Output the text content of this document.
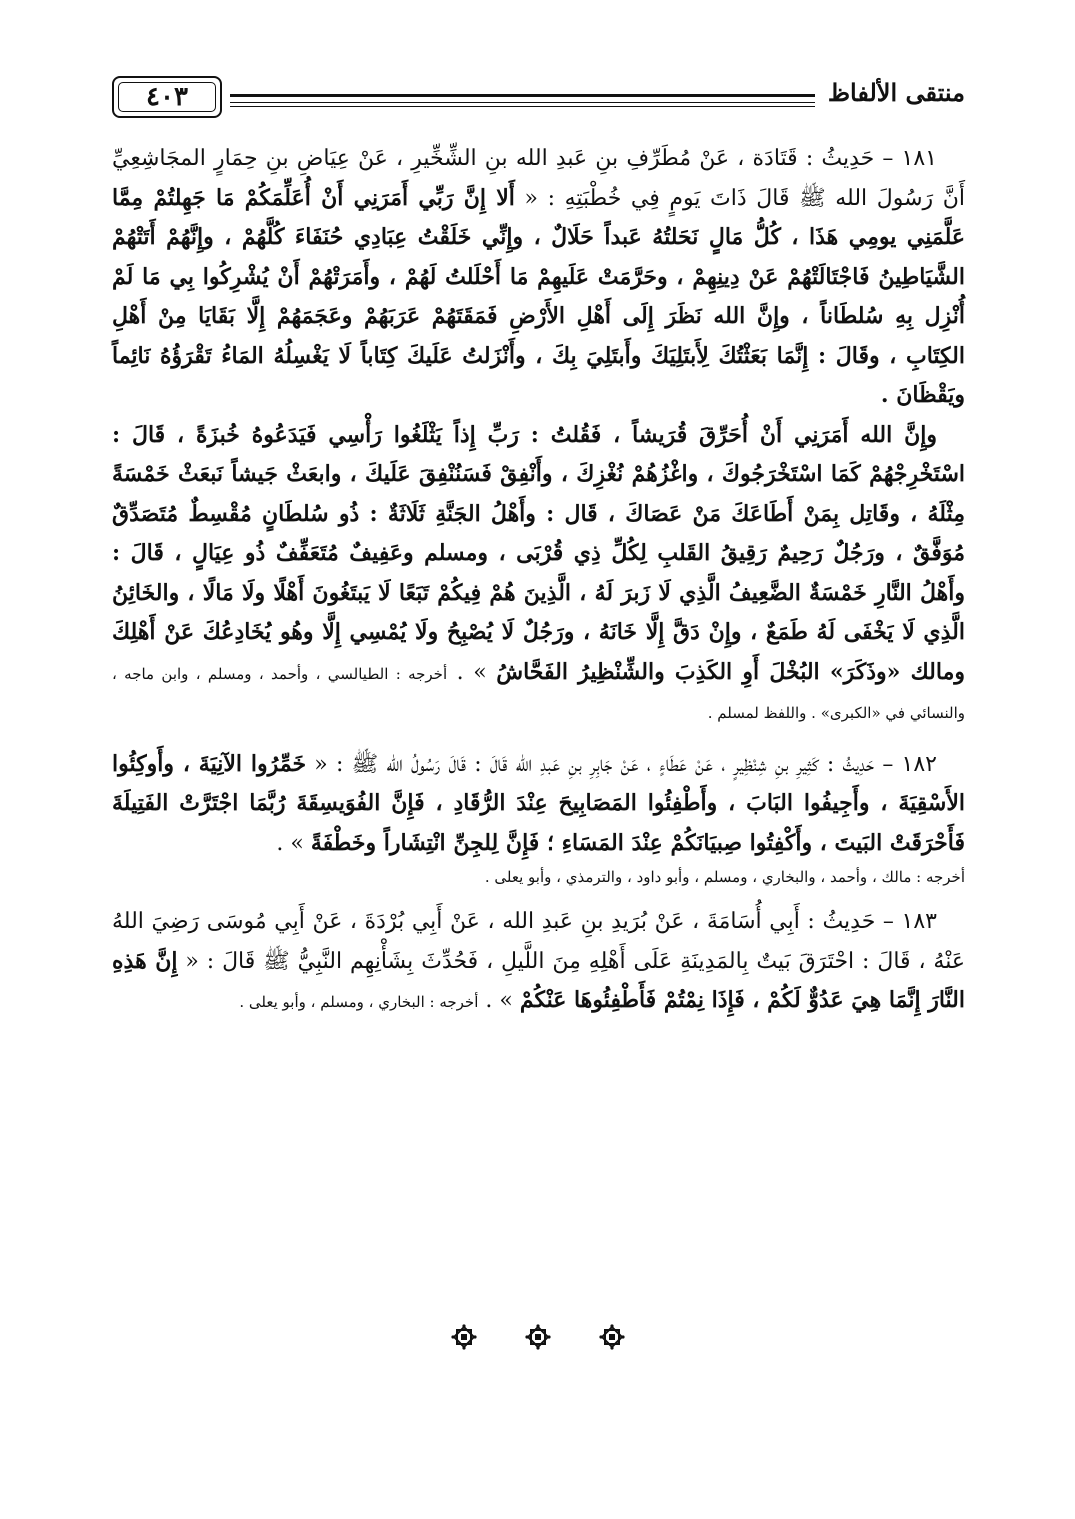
٤٠٣	منتقى الألفاظ

١٨١ – حَدِيثُ : قَتَادَة ، عَنْ مُطَرِّفِ بنِ عَبدِ الله بنِ الشِّخِّيرِ ، عَنْ عِيَاضِ بنِ حِمَارٍ المجَاشِعِيِّ أَنَّ رَسُولَ الله ﷺ قَالَ ذَاتَ يَومٍ فِي خُطْبَتِهِ : « أَلا إِنَّ رَبِّي أَمَرَنِي أَنْ أُعَلِّمَكُمْ مَا جَهِلتُمْ مِمَّا عَلَّمَنِي يومِي هَذَا ، كُلُّ مَالٍ نَحَلتُهُ عَبداً حَلَالٌ ، وإِنِّي خَلَقْتُ عِبَادِي حُنَفَاءَ كُلَّهُمْ ، وإِنَّهُمْ أَتَتْهُمْ الشَّيَاطِينُ فَاجْتَالَتْهُمْ عَنْ دِينِهِمْ ، وحَرَّمَتْ عَلَيهِمْ مَا أَحْلَلتُ لَهُمْ ، وأَمَرَتْهُمْ أَنْ يُشْرِكُوا بِي مَا لَمْ أُنْزِل بِهِ سُلطَاناً ، وإِنَّ الله نَظَرَ إِلَى أَهْلِ الأَرْضِ فَمَقَتَهُمْ عَرَبَهُمْ وعَجَمَهُمْ إِلَّا بَقَايَا مِنْ أَهْلِ الكِتَابِ ، وقَالَ : إِنَّمَا بَعَثْتُكَ لِأَبتَلِيَكَ وأَبتَلِيَ بِكَ ، وأَنْزَلتُ عَلَيكَ كِتَاباً لَا يَغْسِلُهُ المَاءُ تَقْرَؤُهُ نَائِماً ويَقْظَانَ .

وإِنَّ الله أَمَرَنِي أَنْ أُحَرِّقَ قُرَيشاً ، فَقُلتُ : رَبِّ إِذاً يَثْلَغُوا رَأْسِي فَيَدَعُوهُ خُبزَةً ، قَالَ : اسْتَخْرِجْهُمْ كَمَا اسْتَخْرَجُوكَ ، واغْزُهُمْ نُغْزِكَ ، وأَنْفِقْ فَسَنُنْفِقَ عَلَيكَ ، وابعَثْ جَيشاً نَبعَثْ خَمْسَةً مِثْلَهُ ، وقَاتِل بِمَنْ أَطَاعَكَ مَنْ عَصَاكَ ، قَال : وأَهْلُ الجَنَّةِ ثَلَاثَةٌ : ذُو سُلطَانٍ مُقْسِطٌ مُتَصَدِّقٌ مُوَفَّقٌ ، ورَجُلٌ رَحِيمٌ رَقِيقُ القَلبِ لِكُلِّ ذِي قُرْبَى ، ومسلم وعَفِيفٌ مُتَعَفِّفٌ ذُو عِيَالٍ ، قَالَ : وأَهْلُ النَّارِ خَمْسَةٌ الضَّعِيفُ الَّذِي لَا زَبرَ لَهُ ، الَّذِينَ هُمْ فِيكُمْ تَبَعًا لَا يَبتَغُونَ أَهْلًا ولَا مَالًا ، والخَائِنُ الَّذِي لَا يَخْفَى لَهُ طَمَعٌ ، وإِنْ دَقَّ إِلَّا خَانَهُ ، ورَجُلٌ لَا يُصْبِحُ ولَا يُمْسِي إِلَّا وهُو يُخَادِعُكَ عَنْ أَهْلِكَ ومالك «وذَكَرَ» البُخْلَ أَوِ الكَذِبَ والشِّنْظِيرُ الفَحَّاشُ » . أخرجه : الطيالسي ، وأحمد ، ومسلم ، وابن ماجه ، والنسائي في «الكبرى» . واللفظ لمسلم .

١٨٢ – حَدِيثُ : كَثِيرِ بنِ شِنْظِيرٍ ، عَنْ عَطَاءٍ ، عَنْ جَابِرِ بنِ عَبدِ الله قَالَ : قَالَ رَسُولُ الله ﷺ : « خَمِّرُوا الآنِيَةَ ، وأَوكِئُوا الأَسْقِيَةَ ، وأَجِيفُوا البَابَ ، وأَطْفِئُوا المَصَابِيحَ عِنْدَ الرُّقَادِ ، فَإِنَّ الفُوَيسِقَةَ رُبَّمَا اجْتَرَّتْ الفَتِيلَةَ فَأَحْرَقَتْ البَيتَ ، وأَكْفِتُوا صِبيَانَكُمْ عِنْدَ المَسَاءِ ؛ فَإِنَّ لِلجِنِّ انْتِشَاراً وخَطْفَةً » .

أخرجه : مالك ، وأحمد ، والبخاري ، ومسلم ، وأبو داود ، والترمذي ، وأبو يعلى .

١٨٣ – حَدِيثُ : أَبِي أُسَامَةَ ، عَنْ بُرَيدِ بنِ عَبدِ الله ، عَنْ أَبِي بُرْدَةَ ، عَنْ أَبِي مُوسَى رَضِيَ اللهُ عَنْهُ ، قَالَ : احْتَرَقَ بَيتٌ بِالمَدِينَةِ عَلَى أَهْلِهِ مِنَ اللَّيلِ ، فَحُدِّثَ بِشَأْنِهِم النَّبِيُّ ﷺ قَالَ : « إِنَّ هَذِهِ النَّارَ إِنَّمَا هِيَ عَدُوٌّ لَكُمْ ، فَإِذَا نِمْتُمْ فَأَطْفِئُوهَا عَنْكُمْ » . أخرجه : البخاري ، ومسلم ، وأبو يعلى .
